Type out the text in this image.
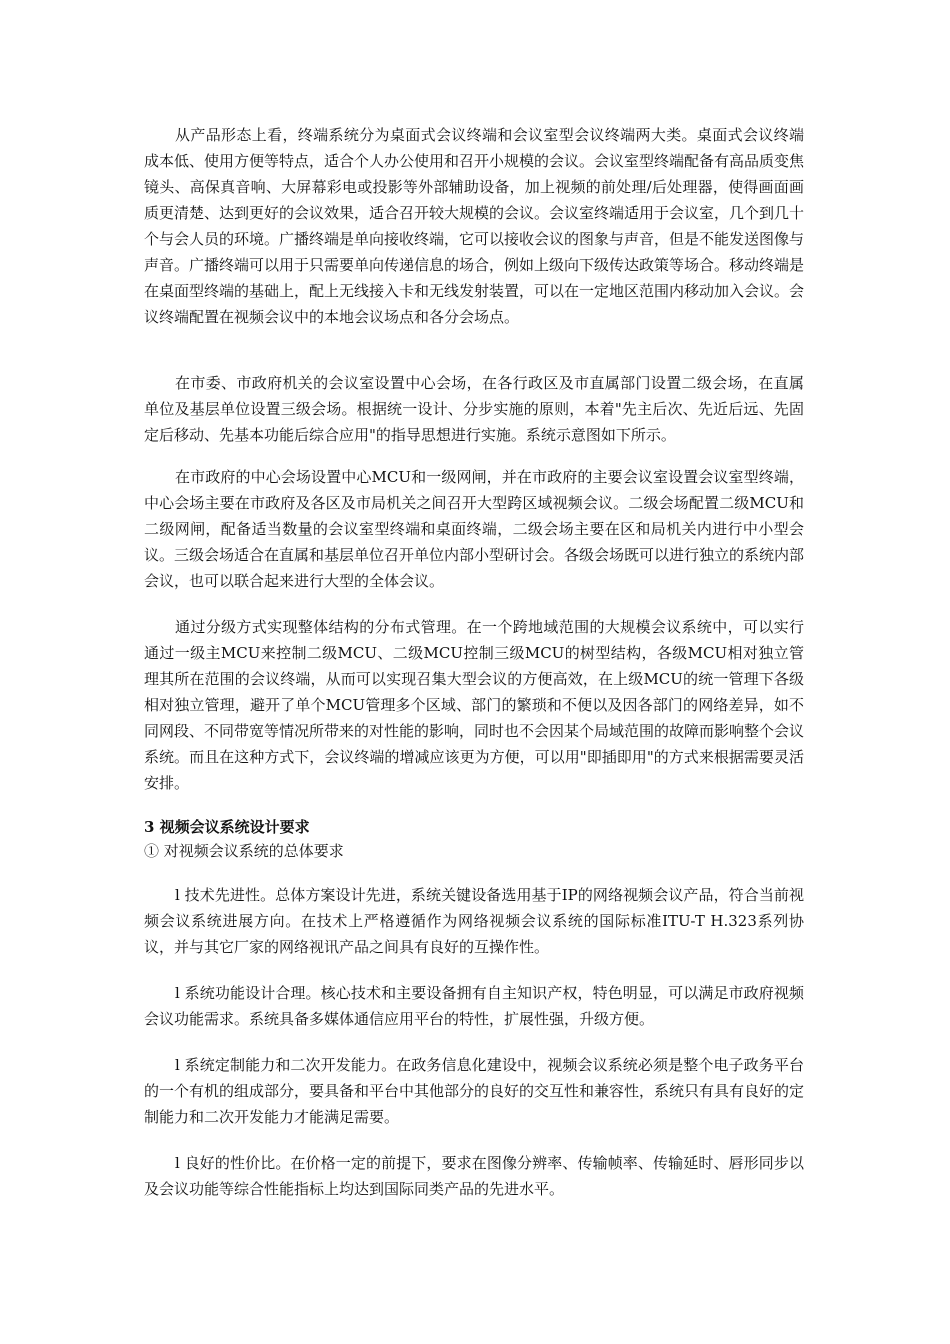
从产品形态上看，终端系统分为桌面式会议终端和会议室型会议终端两大类。桌面式会议终端成本低、使用方便等特点，适合个人办公使用和召开小规模的会议。会议室型终端配备有高品质变焦镜头、高保真音响、大屏幕彩电或投影等外部辅助设备，加上视频的前处理/后处理器，使得画面画质更清楚、达到更好的会议效果，适合召开较大规模的会议。会议室终端适用于会议室，几个到几十个与会人员的环境。广播终端是单向接收终端，它可以接收会议的图象与声音，但是不能发送图像与声音。广播终端可以用于只需要单向传递信息的场合，例如上级向下级传达政策等场合。移动终端是在桌面型终端的基础上，配上无线接入卡和无线发射装置，可以在一定地区范围内移动加入会议。会议终端配置在视频会议中的本地会议场点和各分会场点。

在市委、市政府机关的会议室设置中心会场，在各行政区及市直属部门设置二级会场，在直属单位及基层单位设置三级会场。根据统一设计、分步实施的原则，本着"先主后次、先近后远、先固定后移动、先基本功能后综合应用"的指导思想进行实施。系统示意图如下所示。

在市政府的中心会场设置中心MCU和一级网闸，并在市政府的主要会议室设置会议室型终端，中心会场主要在市政府及各区及市局机关之间召开大型跨区域视频会议。二级会场配置二级MCU和二级网闸，配备适当数量的会议室型终端和桌面终端，二级会场主要在区和局机关内进行中小型会议。三级会场适合在直属和基层单位召开单位内部小型研讨会。各级会场既可以进行独立的系统内部会议，也可以联合起来进行大型的全体会议。

通过分级方式实现整体结构的分布式管理。在一个跨地域范围的大规模会议系统中，可以实行通过一级主MCU来控制二级MCU、二级MCU控制三级MCU的树型结构，各级MCU相对独立管理其所在范围的会议终端，从而可以实现召集大型会议的方便高效，在上级MCU的统一管理下各级相对独立管理，避开了单个MCU管理多个区域、部门的繁琐和不便以及因各部门的网络差异，如不同网段、不同带宽等情况所带来的对性能的影响，同时也不会因某个局域范围的故障而影响整个会议系统。而且在这种方式下，会议终端的增减应该更为方便，可以用"即插即用"的方式来根据需要灵活安排。

3 视频会议系统设计要求
① 对视频会议系统的总体要求

l 技术先进性。总体方案设计先进，系统关键设备选用基于IP的网络视频会议产品，符合当前视频会议系统进展方向。在技术上严格遵循作为网络视频会议系统的国际标准ITU-T H.323系列协议，并与其它厂家的网络视讯产品之间具有良好的互操作性。

l 系统功能设计合理。核心技术和主要设备拥有自主知识产权，特色明显，可以满足市政府视频会议功能需求。系统具备多媒体通信应用平台的特性，扩展性强，升级方便。

l 系统定制能力和二次开发能力。在政务信息化建设中，视频会议系统必须是整个电子政务平台的一个有机的组成部分，要具备和平台中其他部分的良好的交互性和兼容性，系统只有具有良好的定制能力和二次开发能力才能满足需要。

l 良好的性价比。在价格一定的前提下，要求在图像分辨率、传输帧率、传输延时、唇形同步以及会议功能等综合性能指标上均达到国际同类产品的先进水平。
